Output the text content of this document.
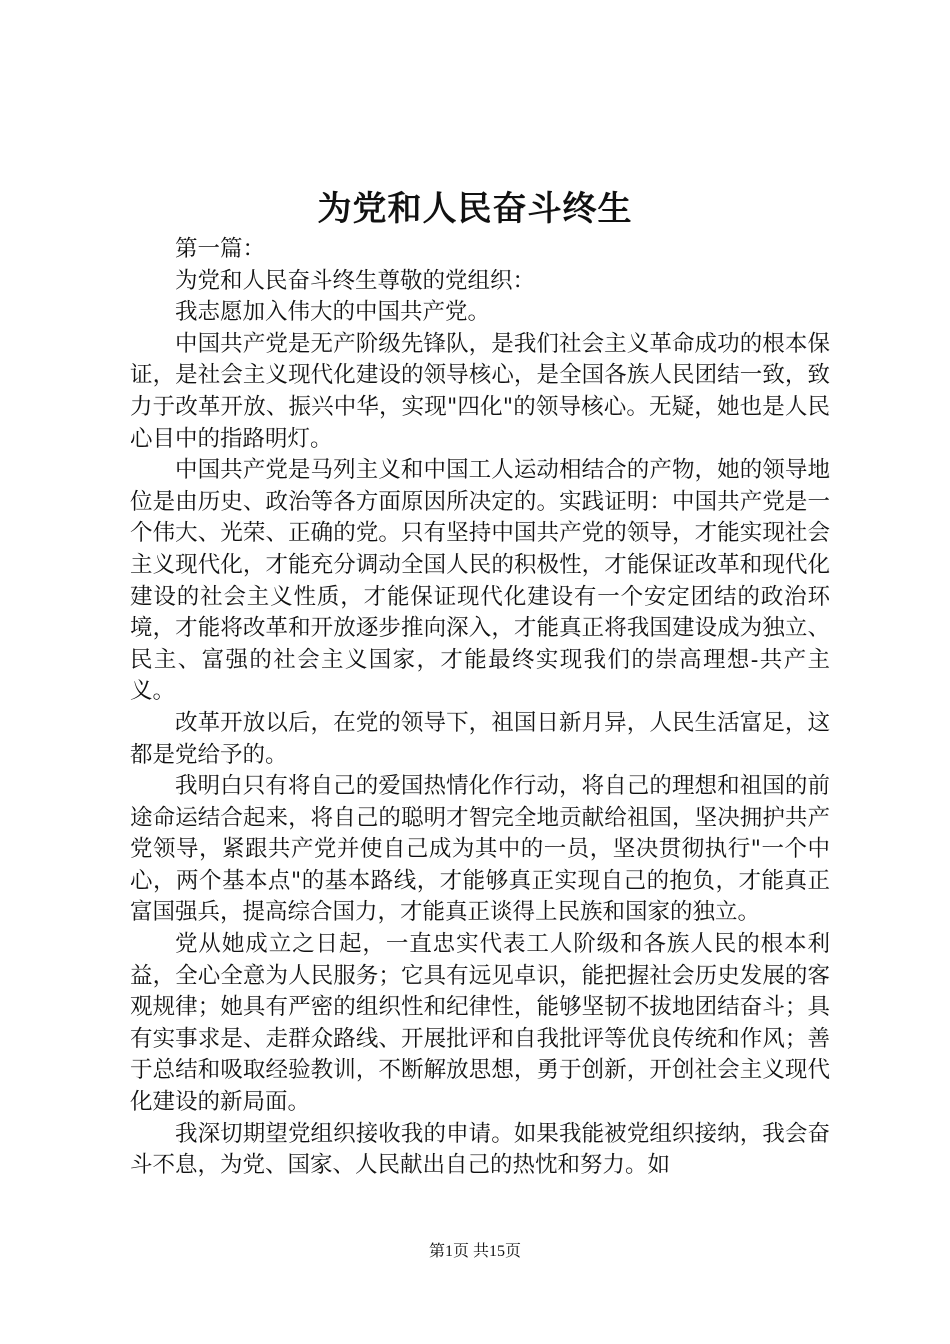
为党和人民奋斗终生

第一篇：

为党和人民奋斗终生尊敬的党组织：

我志愿加入伟大的中国共产党。

中国共产党是无产阶级先锋队，是我们社会主义革命成功的根本保证，是社会主义现代化建设的领导核心，是全国各族人民团结一致，致力于改革开放、振兴中华，实现"四化"的领导核心。无疑，她也是人民心目中的指路明灯。

中国共产党是马列主义和中国工人运动相结合的产物，她的领导地位是由历史、政治等各方面原因所决定的。实践证明：中国共产党是一个伟大、光荣、正确的党。只有坚持中国共产党的领导，才能实现社会主义现代化，才能充分调动全国人民的积极性，才能保证改革和现代化建设的社会主义性质，才能保证现代化建设有一个安定团结的政治环境，才能将改革和开放逐步推向深入，才能真正将我国建设成为独立、民主、富强的社会主义国家，才能最终实现我们的崇高理想-共产主义。

改革开放以后，在党的领导下，祖国日新月异，人民生活富足，这都是党给予的。

我明白只有将自己的爱国热情化作行动，将自己的理想和祖国的前途命运结合起来，将自己的聪明才智完全地贡献给祖国，坚决拥护共产党领导，紧跟共产党并使自己成为其中的一员，坚决贯彻执行"一个中心，两个基本点"的基本路线，才能够真正实现自己的抱负，才能真正富国强兵，提高综合国力，才能真正谈得上民族和国家的独立。

党从她成立之日起，一直忠实代表工人阶级和各族人民的根本利益，全心全意为人民服务；它具有远见卓识，能把握社会历史发展的客观规律；她具有严密的组织性和纪律性，能够坚韧不拔地团结奋斗；具有实事求是、走群众路线、开展批评和自我批评等优良传统和作风；善于总结和吸取经验教训，不断解放思想，勇于创新，开创社会主义现代化建设的新局面。

我深切期望党组织接收我的申请。如果我能被党组织接纳，我会奋斗不息，为党、国家、人民献出自己的热忱和努力。如

第1页 共15页
